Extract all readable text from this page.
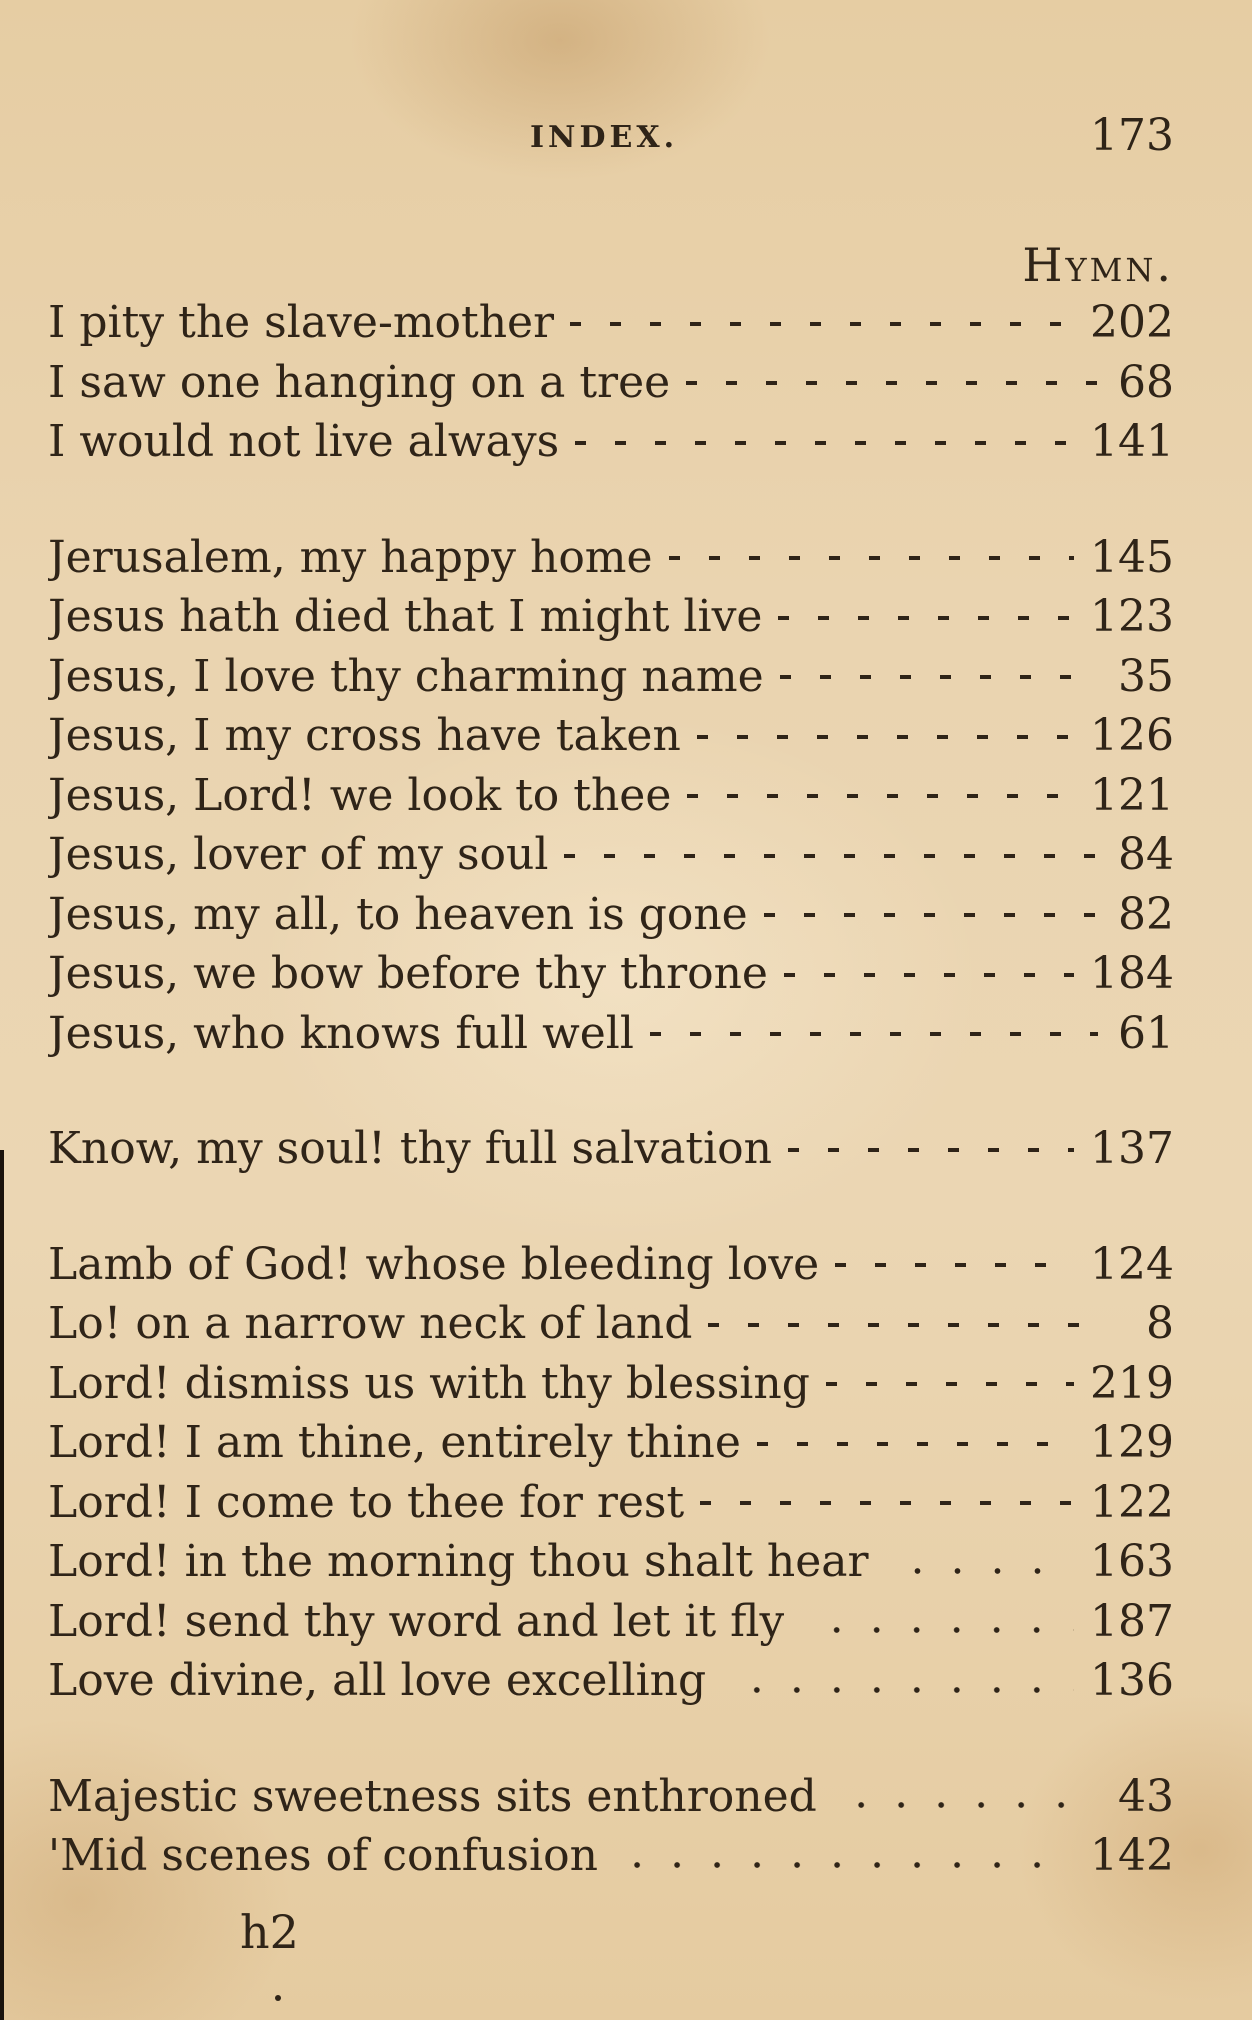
INDEX.	173
Hymn.
I pity the slave-mother	202
I saw one hanging on a tree	68
I would not live always	141
Jerusalem, my happy home	145
Jesus hath died that I might live	123
Jesus, I love thy charming name	35
Jesus, I my cross have taken	126
Jesus, Lord! we look to thee	121
Jesus, lover of my soul	84
Jesus, my all, to heaven is gone	82
Jesus, we bow before thy throne	184
Jesus, who knows full well	61
Know, my soul! thy full salvation	137
Lamb of God! whose bleeding love	124
Lo! on a narrow neck of land	8
Lord! dismiss us with thy blessing	219
Lord! I am thine, entirely thine	129
Lord! I come to thee for rest	122
Lord! in the morning thou shalt hear	163
Lord! send thy word and let it fly	187
Love divine, all love excelling	136
Majestic sweetness sits enthroned	43
'Mid scenes of confusion	142
h2
